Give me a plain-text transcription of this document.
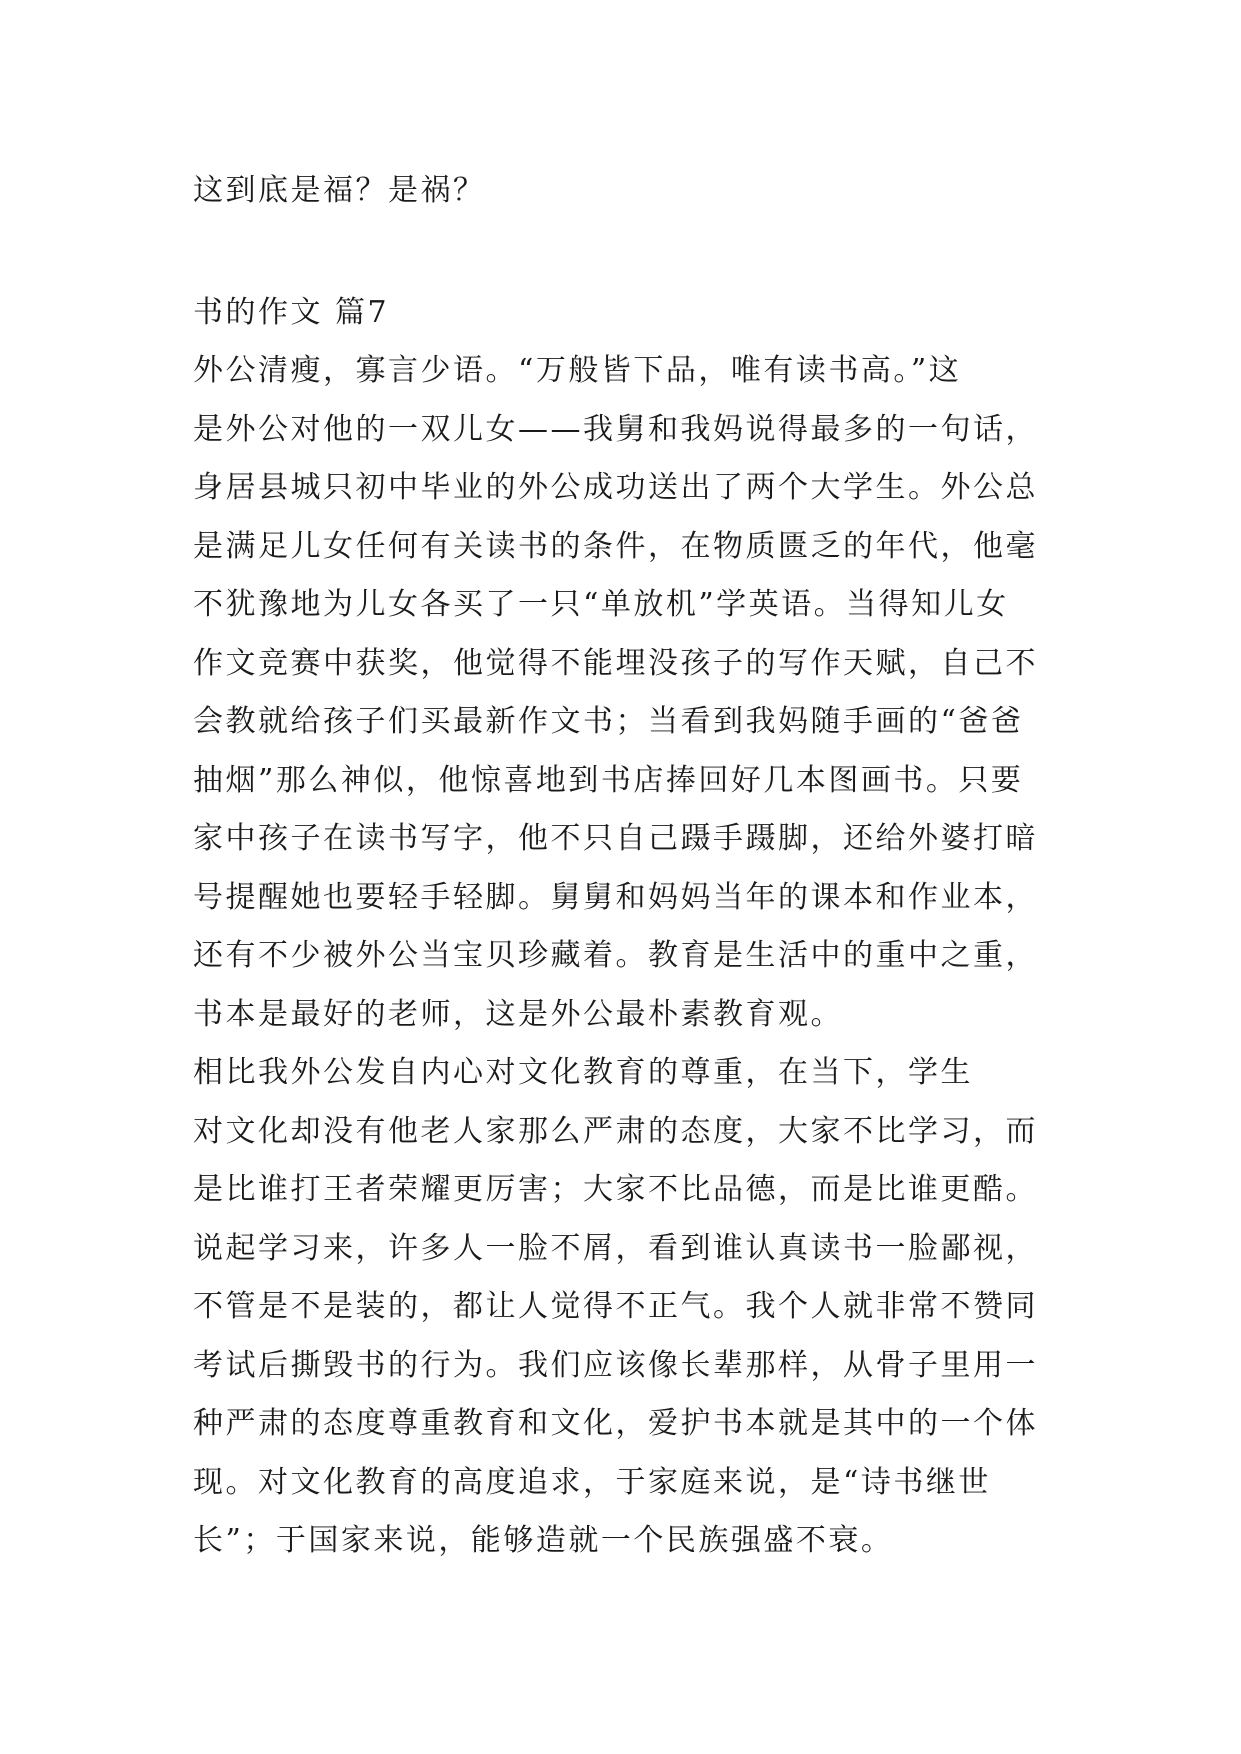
这到底是福？是祸？

书的作文 篇7

外公清瘦，寡言少语。“万般皆下品，唯有读书高。”这

是外公对他的一双儿女——我舅和我妈说得最多的一句话，

身居县城只初中毕业的外公成功送出了两个大学生。外公总

是满足儿女任何有关读书的条件，在物质匮乏的年代，他毫

不犹豫地为儿女各买了一只“单放机”学英语。当得知儿女

作文竞赛中获奖，他觉得不能埋没孩子的写作天赋，自己不

会教就给孩子们买最新作文书；当看到我妈随手画的“爸爸

抽烟”那么神似，他惊喜地到书店捧回好几本图画书。只要

家中孩子在读书写字，他不只自己蹑手蹑脚，还给外婆打暗

号提醒她也要轻手轻脚。舅舅和妈妈当年的课本和作业本，

还有不少被外公当宝贝珍藏着。教育是生活中的重中之重，

书本是最好的老师，这是外公最朴素教育观。

相比我外公发自内心对文化教育的尊重，在当下，学生

对文化却没有他老人家那么严肃的态度，大家不比学习，而

是比谁打王者荣耀更厉害；大家不比品德，而是比谁更酷。

说起学习来，许多人一脸不屑，看到谁认真读书一脸鄙视，

不管是不是装的，都让人觉得不正气。我个人就非常不赞同

考试后撕毁书的行为。我们应该像长辈那样，从骨子里用一

种严肃的态度尊重教育和文化，爱护书本就是其中的一个体

现。对文化教育的高度追求，于家庭来说，是“诗书继世

长”；于国家来说，能够造就一个民族强盛不衰。
